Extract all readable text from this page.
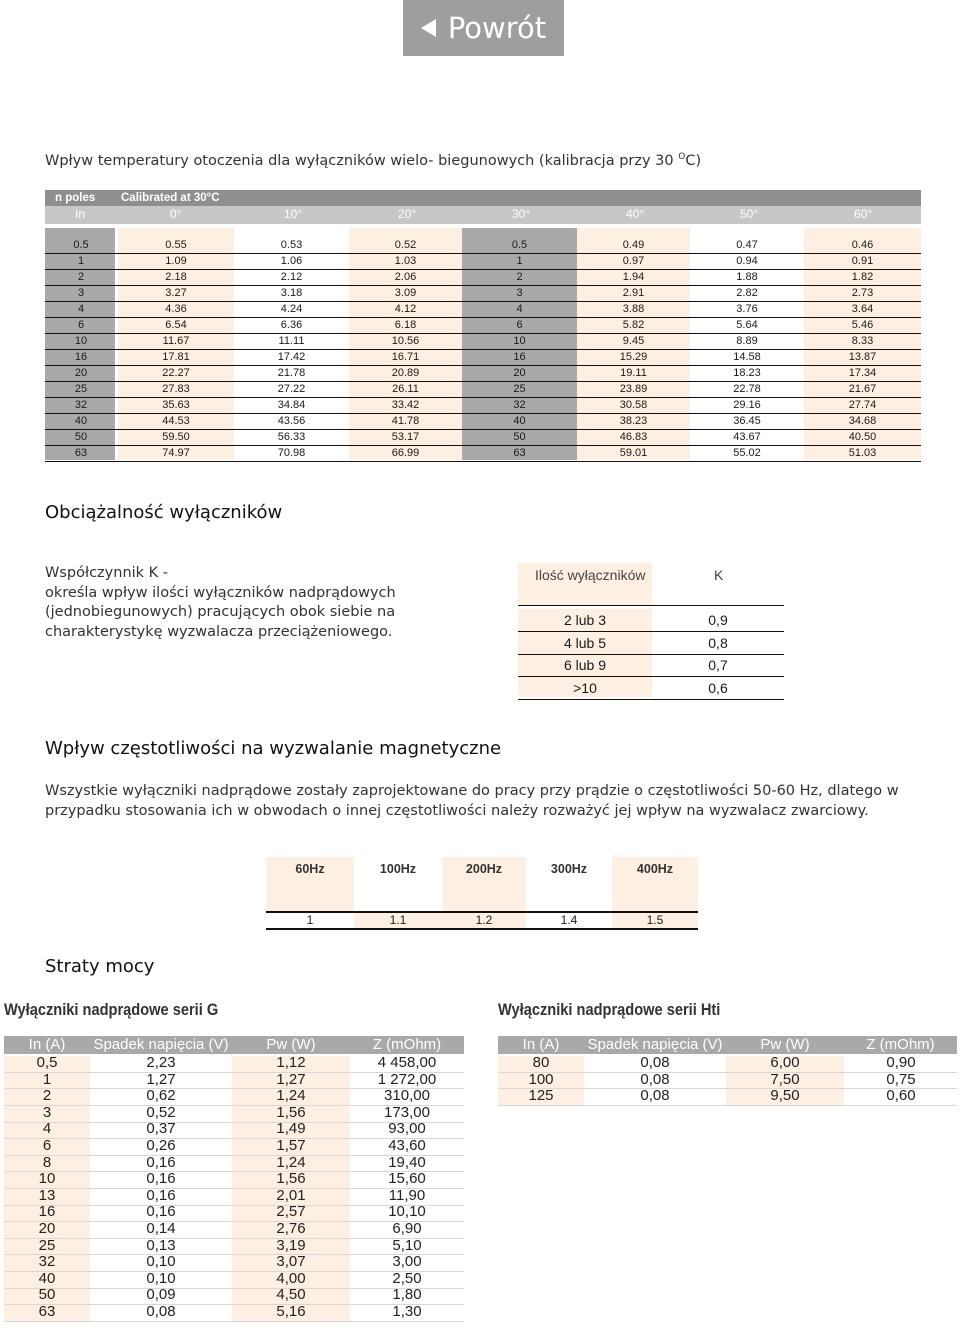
Powrót
Wpływ temperatury otoczenia dla wyłączników wielo- biegunowych (kalibracja przy 30 $^O$C)
n poles Calibrated at 30°C
In	0°	10°	20°	30°	40°	50°	60°
0.5	0.55	0.53	0.52	0.5	0.49	0.47	0.46
1	1.09	1.06	1.03	1	0.97	0.94	0.91
2	2.18	2.12	2.06	2	1.94	1.88	1.82
3	3.27	3.18	3.09	3	2.91	2.82	2.73
4	4.36	4.24	4.12	4	3.88	3.76	3.64
6	6.54	6.36	6.18	6	5.82	5.64	5.46
10	11.67	11.11	10.56	10	9.45	8.89	8.33
16	17.81	17.42	16.71	16	15.29	14.58	13.87
20	22.27	21.78	20.89	20	19.11	18.23	17.34
25	27.83	27.22	26.11	25	23.89	22.78	21.67
32	35.63	34.84	33.42	32	30.58	29.16	27.74
40	44.53	43.56	41.78	40	38.23	36.45	34.68
50	59.50	56.33	53.17	50	46.83	43.67	40.50
63	74.97	70.98	66.99	63	59.01	55.02	51.03
Obciążalność wyłączników
Współczynnik K -
określa wpływ ilości wyłączników nadprądowych
(jednobiegunowych) pracujących obok siebie na
charakterystykę wyzwalacza przeciążeniowego.
Ilość wyłączników	K
2 lub 3	0,9
4 lub 5	0,8
6 lub 9	0,7
>10	0,6
Wpływ częstotliwości na wyzwalanie magnetyczne
Wszystkie wyłączniki nadprądowe zostały zaprojektowane do pracy przy prądzie o częstotliwości 50-60 Hz, dlatego w
przypadku stosowania ich w obwodach o innej częstotliwości należy rozważyć jej wpływ na wyzwalacz zwarciowy.
60Hz	100Hz	200Hz	300Hz	400Hz
1	1.1	1.2	1.4	1.5
Straty mocy
Wyłączniki nadprądowe serii G
In (A)	Spadek napięcia (V)	Pw (W)	Z (mOhm)
0,5	2,23	1,12	4 458,00
1	1,27	1,27	1 272,00
2	0,62	1,24	310,00
3	0,52	1,56	173,00
4	0,37	1,49	93,00
6	0,26	1,57	43,60
8	0,16	1,24	19,40
10	0,16	1,56	15,60
13	0,16	2,01	11,90
16	0,16	2,57	10,10
20	0,14	2,76	6,90
25	0,13	3,19	5,10
32	0,10	3,07	3,00
40	0,10	4,00	2,50
50	0,09	4,50	1,80
63	0,08	5,16	1,30
Wyłączniki nadprądowe serii Hti
In (A)	Spadek napięcia (V)	Pw (W)	Z (mOhm)
80	0,08	6,00	0,90
100	0,08	7,50	0,75
125	0,08	9,50	0,60
